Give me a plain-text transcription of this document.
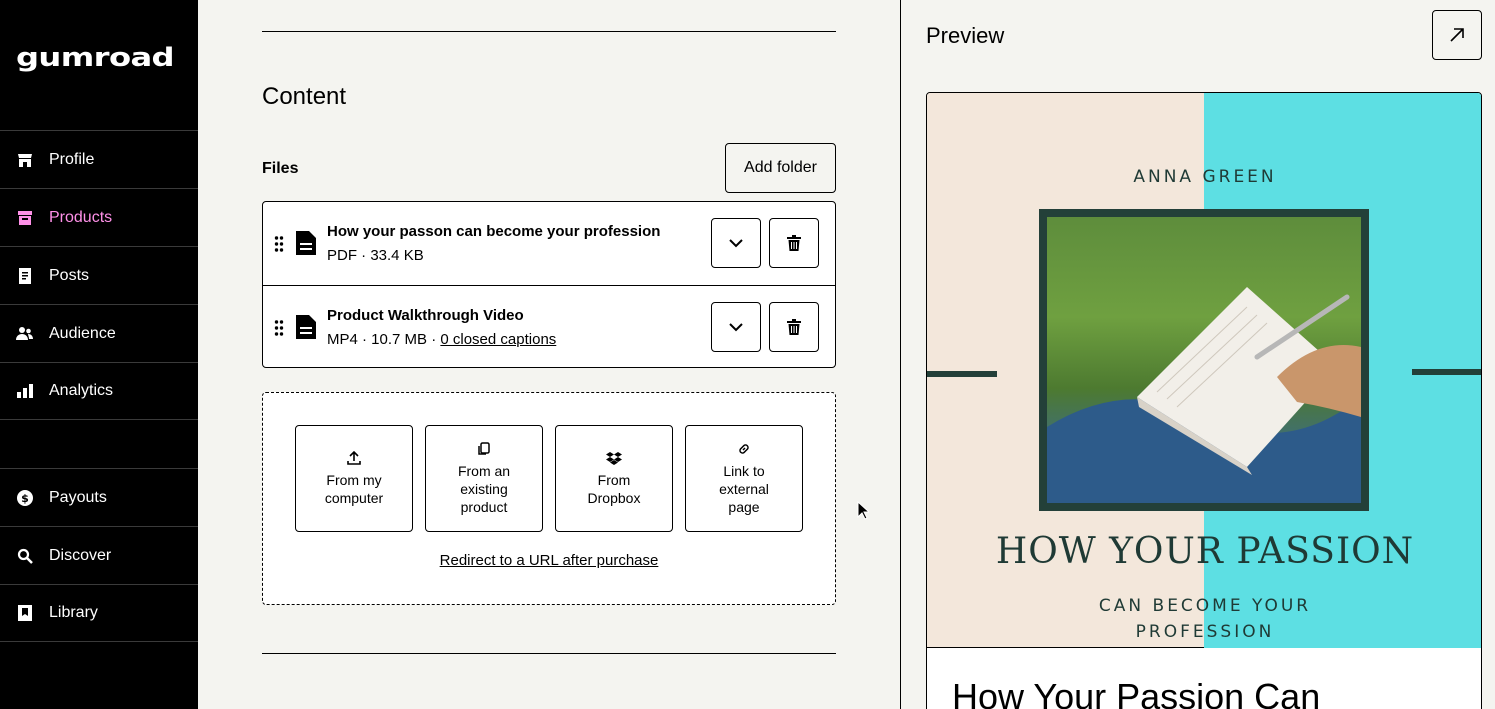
gumroad
Profile
Products
Posts
Audience
Analytics
$ Payouts
Discover
Library
Content
Files	Add folder
How your passon can become your profession
PDF · 33.4 KB
Product Walkthrough Video
MP4 · 10.7 MB · 0 closed captions
From my computer
From an existing product
From Dropbox
Link to external page
Redirect to a URL after purchase
Preview
ANNA GREEN
HOW YOUR PASSION
CAN BECOME YOUR PROFESSION
How Your Passion Can
